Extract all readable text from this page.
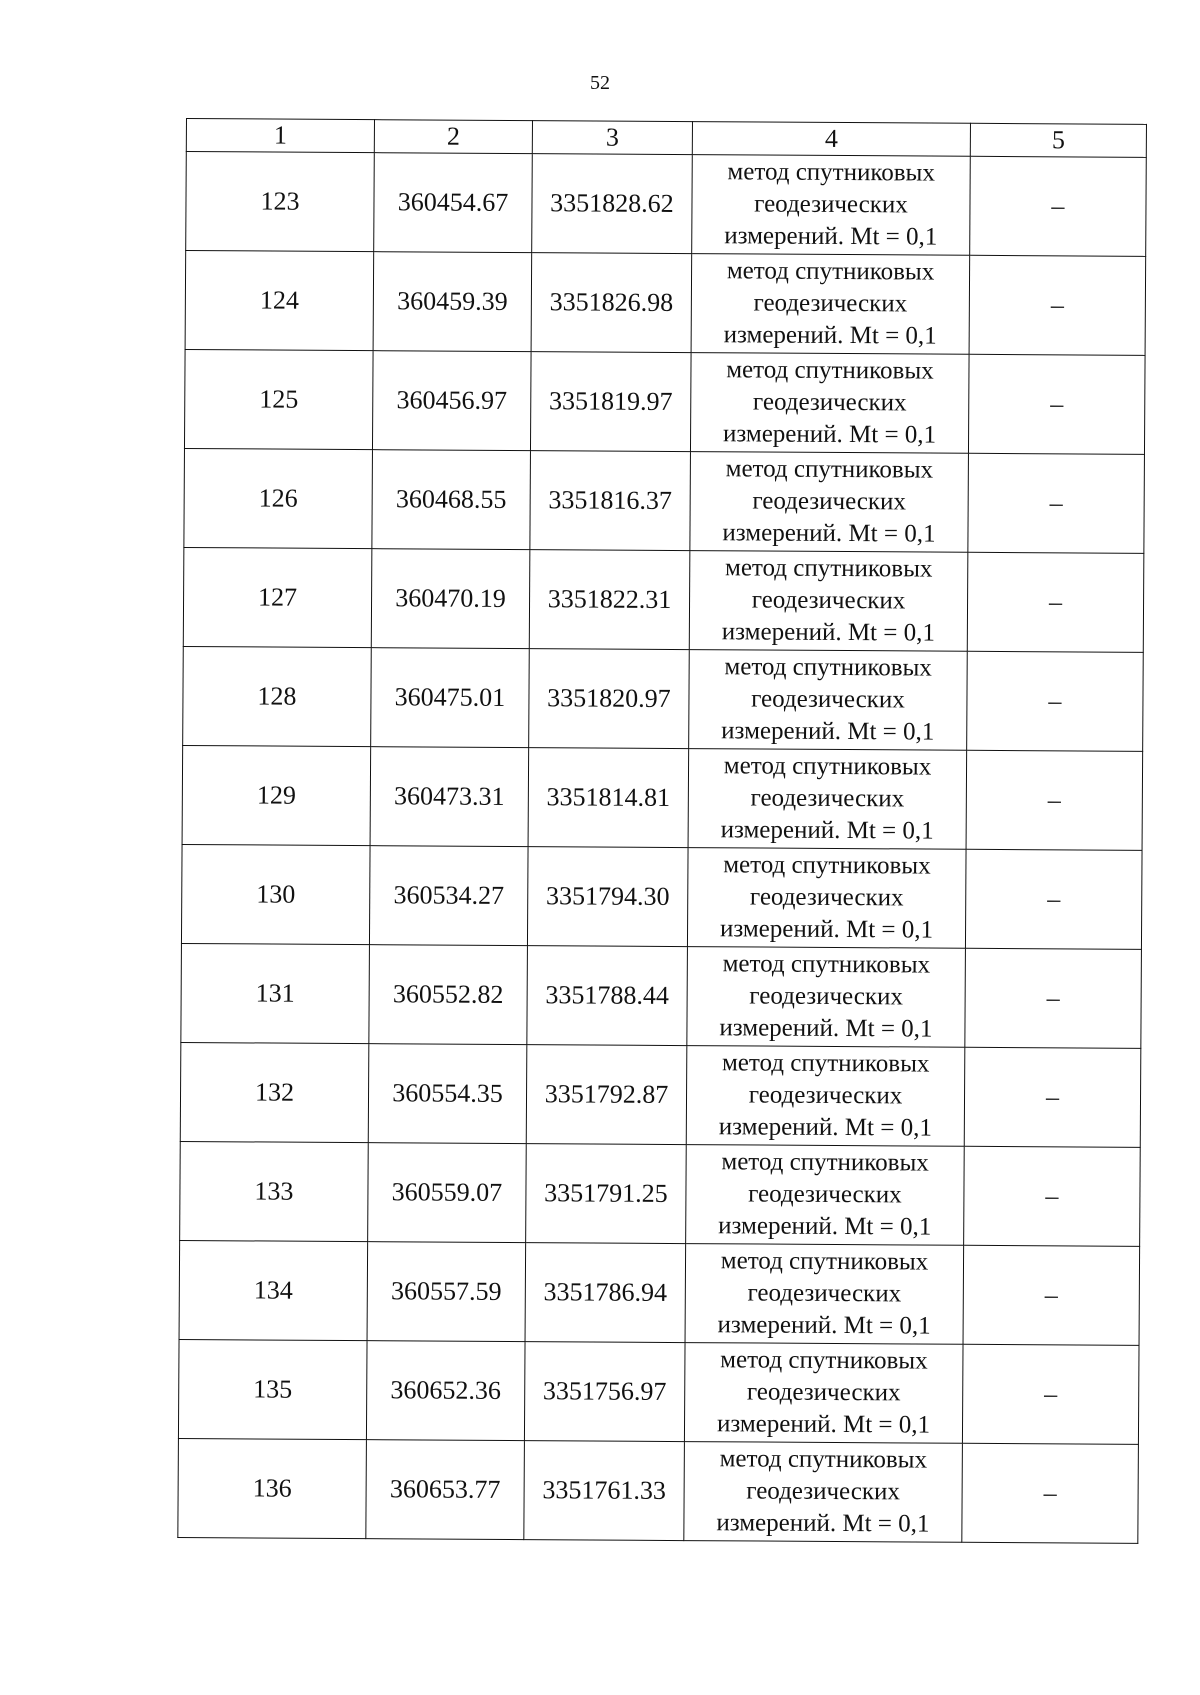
52
1	2	3	4	5
123	360454.67	3351828.62	метод спутниковых
геодезических
измерений. Mt = 0,1	–
124	360459.39	3351826.98	метод спутниковых
геодезических
измерений. Mt = 0,1	–
125	360456.97	3351819.97	метод спутниковых
геодезических
измерений. Mt = 0,1	–
126	360468.55	3351816.37	метод спутниковых
геодезических
измерений. Mt = 0,1	–
127	360470.19	3351822.31	метод спутниковых
геодезических
измерений. Mt = 0,1	–
128	360475.01	3351820.97	метод спутниковых
геодезических
измерений. Mt = 0,1	–
129	360473.31	3351814.81	метод спутниковых
геодезических
измерений. Mt = 0,1	–
130	360534.27	3351794.30	метод спутниковых
геодезических
измерений. Mt = 0,1	–
131	360552.82	3351788.44	метод спутниковых
геодезических
измерений. Mt = 0,1	–
132	360554.35	3351792.87	метод спутниковых
геодезических
измерений. Mt = 0,1	–
133	360559.07	3351791.25	метод спутниковых
геодезических
измерений. Mt = 0,1	–
134	360557.59	3351786.94	метод спутниковых
геодезических
измерений. Mt = 0,1	–
135	360652.36	3351756.97	метод спутниковых
геодезических
измерений. Mt = 0,1	–
136	360653.77	3351761.33	метод спутниковых
геодезических
измерений. Mt = 0,1	–
